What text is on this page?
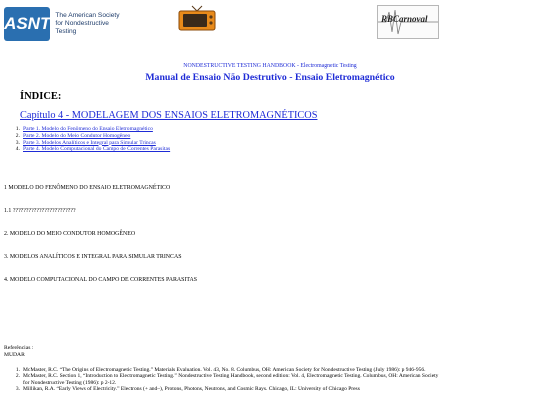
ASNT The American Society
for Nondestructive Testing
RBCarnoval
NONDESTRUCTIVE TESTING HANDBOOK - Electromagnetic Testing
Manual de Ensaio Não Destrutivo - Ensaio Eletromagnético
ÍNDICE:
Capítulo 4 - MODELAGEM DOS ENSAIOS ELETROMAGNÉTICOS
1. Parte 1. Modelo do Fenômeno do Ensaio Eletromagnético
2. Parte 2. Modelo do Meio Condutor Homogêneo
3. Parte 3. Modelos Analíticos e Integral para Simular Trincas
4. Parte 4. Modelo Computacional do Campo de Correntes Parasitas
1 MODELO DO FENÔMENO DO ENSAIO ELETROMAGNÉTICO
1.1 ????????????????????????
2. MODELO DO MEIO CONDUTOR HOMOGÊNEO
3. MODELOS ANALÍTICOS E INTEGRAL PARA SIMULAR TRINCAS
4. MODELO COMPUTACIONAL DO CAMPO DE CORRENTES PARASITAS
Referências :
MUDAR
1. McMaster, R.C. “The Origins of Electromagnetic Testing.” Materials Evaluation. Vol. 43, No. 8. Columbus, OH: American Society for Nondestructive Testing (July 1986): p 946-956.
2. McMaster, R.C. Section 1, “Introduction to Electromagnetic Testing.” Nondestructive Testing Handbook, second edition: Vol. 4, Electromagnetic Testing. Columbus, OH: American Society for Nondestructive Testing (1986): p 2-12.
3. Millikan, R.A. “Early Views of Electricity.” Electrons (+ and–), Protons, Photons, Neutrons, and Cosmic Rays. Chicago, IL: University of Chicago Press
